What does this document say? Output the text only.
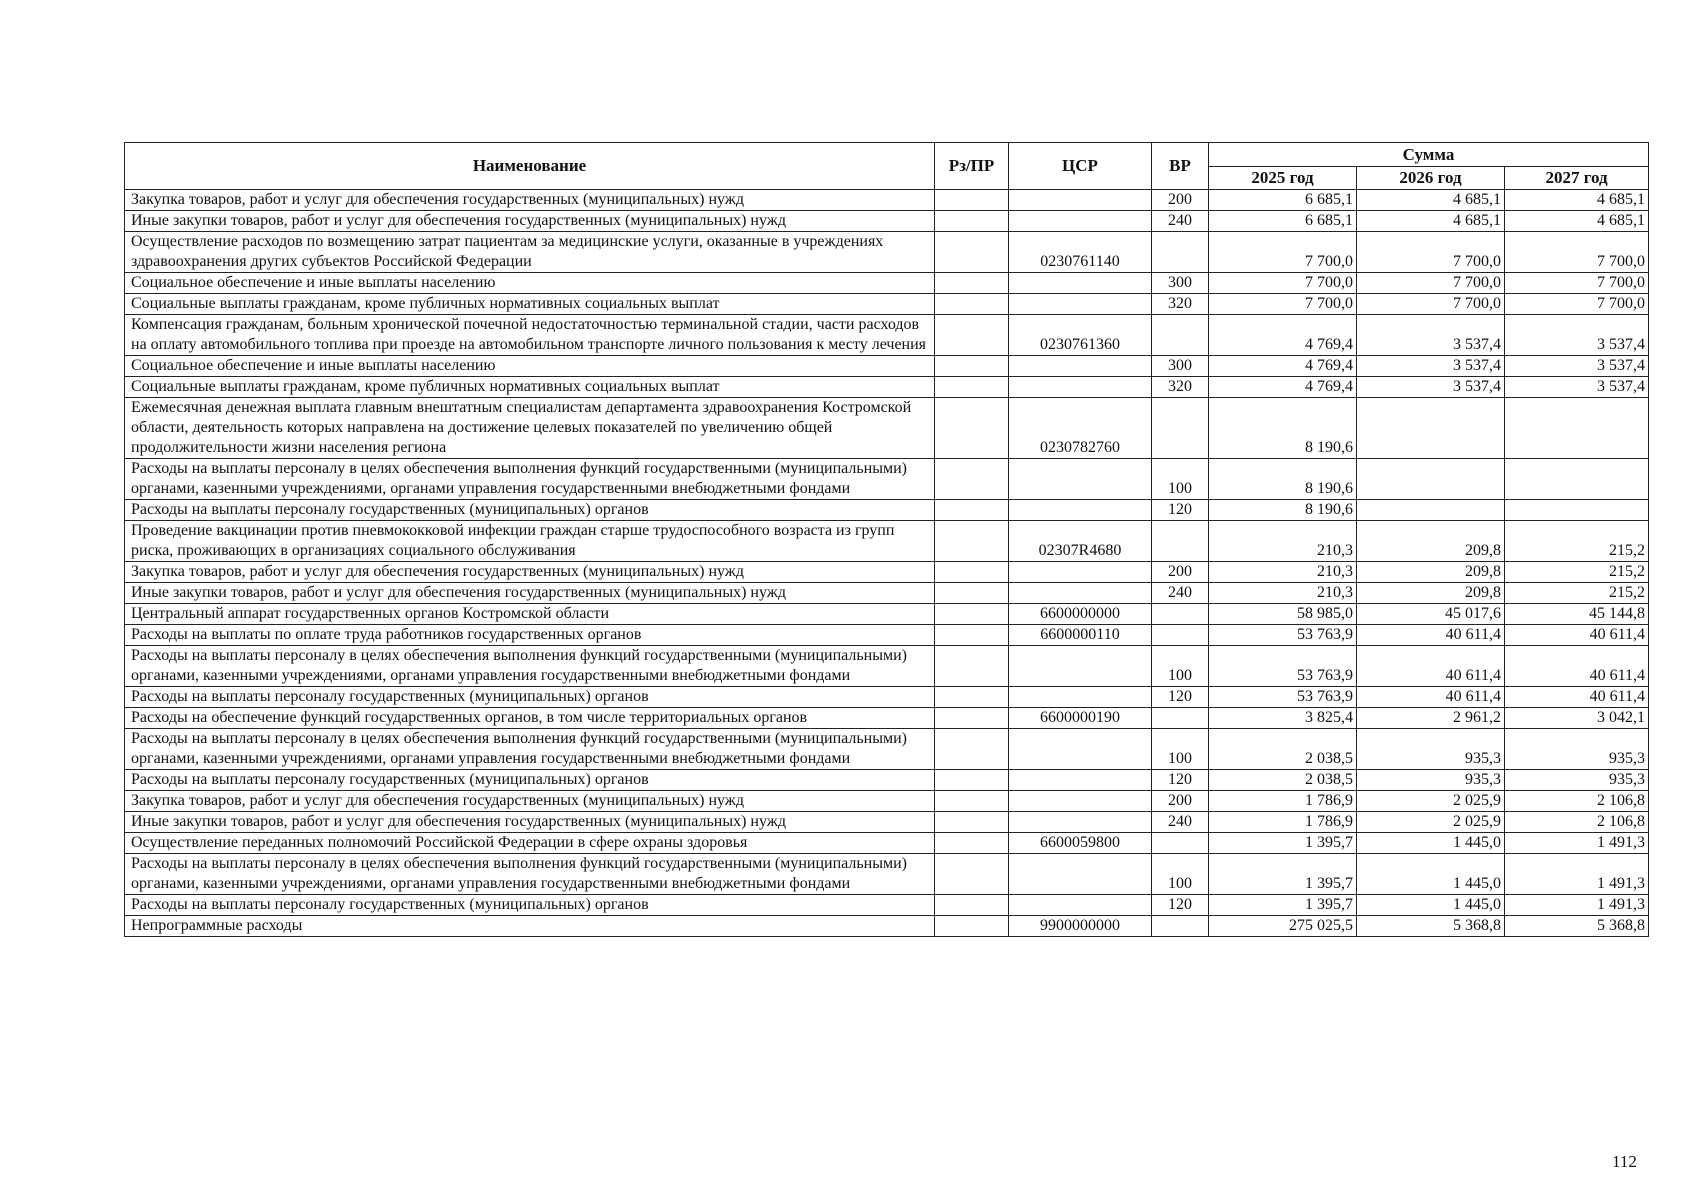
Наименование	Рз/ПР	ЦСР	ВР	Сумма		
				2025 год	2026 год	2027 год
Закупка товаров, работ и услуг для обеспечения государственных (муниципальных) нужд			200	6 685,1	4 685,1	4 685,1
Иные закупки товаров, работ и услуг для обеспечения государственных (муниципальных) нужд			240	6 685,1	4 685,1	4 685,1
Осуществление расходов по возмещению затрат пациентам за медицинские услуги, оказанные в учреждениях здравоохранения других субъектов Российской Федерации		0230761140		7 700,0	7 700,0	7 700,0
Социальное обеспечение и иные выплаты населению			300	7 700,0	7 700,0	7 700,0
Социальные выплаты гражданам, кроме публичных нормативных социальных выплат			320	7 700,0	7 700,0	7 700,0
Компенсация гражданам, больным хронической почечной недостаточностью терминальной стадии, части расходов на оплату автомобильного топлива при проезде на автомобильном транспорте личного пользования к месту лечения		0230761360		4 769,4	3 537,4	3 537,4
Социальное обеспечение и иные выплаты населению			300	4 769,4	3 537,4	3 537,4
Социальные выплаты гражданам, кроме публичных нормативных социальных выплат			320	4 769,4	3 537,4	3 537,4
Ежемесячная денежная выплата главным внештатным специалистам департамента здравоохранения Костромской области, деятельность которых направлена на достижение целевых показателей по увеличению общей продолжительности жизни населения региона		0230782760		8 190,6		
Расходы на выплаты персоналу в целях обеспечения выполнения функций государственными (муниципальными) органами, казенными учреждениями, органами управления государственными внебюджетными фондами			100	8 190,6		
Расходы на выплаты персоналу государственных (муниципальных) органов			120	8 190,6		
Проведение вакцинации против пневмококковой инфекции граждан старше трудоспособного возраста из групп риска, проживающих в организациях социального обслуживания		02307R4680		210,3	209,8	215,2
Закупка товаров, работ и услуг для обеспечения государственных (муниципальных) нужд			200	210,3	209,8	215,2
Иные закупки товаров, работ и услуг для обеспечения государственных (муниципальных) нужд			240	210,3	209,8	215,2
Центральный аппарат государственных органов Костромской области		6600000000		58 985,0	45 017,6	45 144,8
Расходы на выплаты по оплате труда работников государственных органов		6600000110		53 763,9	40 611,4	40 611,4
Расходы на выплаты персоналу в целях обеспечения выполнения функций государственными (муниципальными) органами, казенными учреждениями, органами управления государственными внебюджетными фондами			100	53 763,9	40 611,4	40 611,4
Расходы на выплаты персоналу государственных (муниципальных) органов			120	53 763,9	40 611,4	40 611,4
Расходы на обеспечение функций государственных органов, в том числе территориальных органов		6600000190		3 825,4	2 961,2	3 042,1
Расходы на выплаты персоналу в целях обеспечения выполнения функций государственными (муниципальными) органами, казенными учреждениями, органами управления государственными внебюджетными фондами			100	2 038,5	935,3	935,3
Расходы на выплаты персоналу государственных (муниципальных) органов			120	2 038,5	935,3	935,3
Закупка товаров, работ и услуг для обеспечения государственных (муниципальных) нужд			200	1 786,9	2 025,9	2 106,8
Иные закупки товаров, работ и услуг для обеспечения государственных (муниципальных) нужд			240	1 786,9	2 025,9	2 106,8
Осуществление переданных полномочий Российской Федерации в сфере охраны здоровья		6600059800		1 395,7	1 445,0	1 491,3
Расходы на выплаты персоналу в целях обеспечения выполнения функций государственными (муниципальными) органами, казенными учреждениями, органами управления государственными внебюджетными фондами			100	1 395,7	1 445,0	1 491,3
Расходы на выплаты персоналу государственных (муниципальных) органов			120	1 395,7	1 445,0	1 491,3
Непрограммные расходы		9900000000		275 025,5	5 368,8	5 368,8
112
